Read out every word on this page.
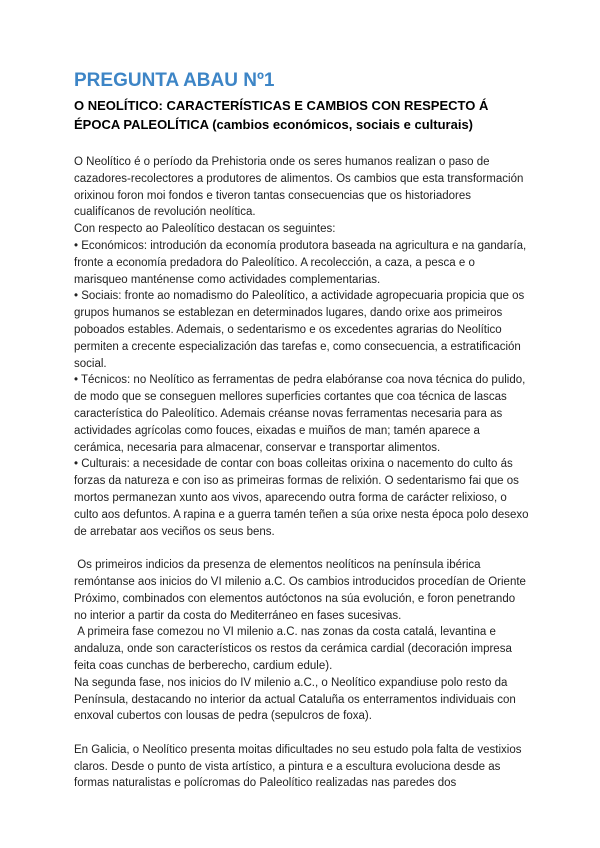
PREGUNTA ABAU Nº1
O NEOLÍTICO: CARACTERÍSTICAS E CAMBIOS CON RESPECTO Á ÉPOCA PALEOLÍTICA (cambios económicos, sociais e culturais)

O Neolítico é o período da Prehistoria onde os seres humanos realizan o paso de cazadores-recolectores a produtores de alimentos. Os cambios que esta transformación orixinou foron moi fondos e tiveron tantas consecuencias que os historiadores cualifícanos de revolución neolítica.

Con respecto ao Paleolítico destacan os seguintes:

• Económicos: introdución da economía produtora baseada na agricultura e na gandaría, fronte a economía predadora do Paleolítico. A recolección, a caza, a pesca e o marisqueo manténense como actividades complementarias.

• Sociais: fronte ao nomadismo do Paleolítico, a actividade agropecuaria propicia que os grupos humanos se establezan en determinados lugares, dando orixe aos primeiros poboados estables. Ademais, o sedentarismo e os excedentes agrarias do Neolítico permiten a crecente especialización das tarefas e, como consecuencia, a estratificación social.

• Técnicos: no Neolítico as ferramentas de pedra elabóranse coa nova técnica do pulido, de modo que se conseguen mellores superficies cortantes que coa técnica de lascas característica do Paleolítico. Ademais créanse novas ferramentas necesaria para as actividades agrícolas como fouces, eixadas e muiños de man; tamén aparece a cerámica, necesaria para almacenar, conservar e transportar alimentos.

• Culturais: a necesidade de contar con boas colleitas orixina o nacemento do culto ás forzas da natureza e con iso as primeiras formas de relixión. O sedentarismo fai que os mortos permanezan xunto aos vivos, aparecendo outra forma de carácter relixioso, o culto aos defuntos. A rapina e a guerra tamén teñen a súa orixe nesta época polo desexo de arrebatar aos veciños os seus bens.

Os primeiros indicios da presenza de elementos neolíticos na península ibérica remóntanse aos inicios do VI milenio a.C. Os cambios introducidos procedían de Oriente Próximo, combinados con elementos autóctonos na súa evolución, e foron penetrando no interior a partir da costa do Mediterráneo en fases sucesivas.

A primeira fase comezou no VI milenio a.C. nas zonas da costa catalá, levantina e andaluza, onde son característicos os restos da cerámica cardial (decoración impresa feita coas cunchas de berberecho, cardium edule).

Na segunda fase, nos inicios do IV milenio a.C., o Neolítico expandiuse polo resto da Península, destacando no interior da actual Cataluña os enterramentos individuais con enxoval cubertos con lousas de pedra (sepulcros de foxa).

En Galicia, o Neolítico presenta moitas dificultades no seu estudo pola falta de vestixios claros. Desde o punto de vista artístico, a pintura e a escultura evoluciona desde as formas naturalistas e polícromas do Paleolítico realizadas nas paredes dos
